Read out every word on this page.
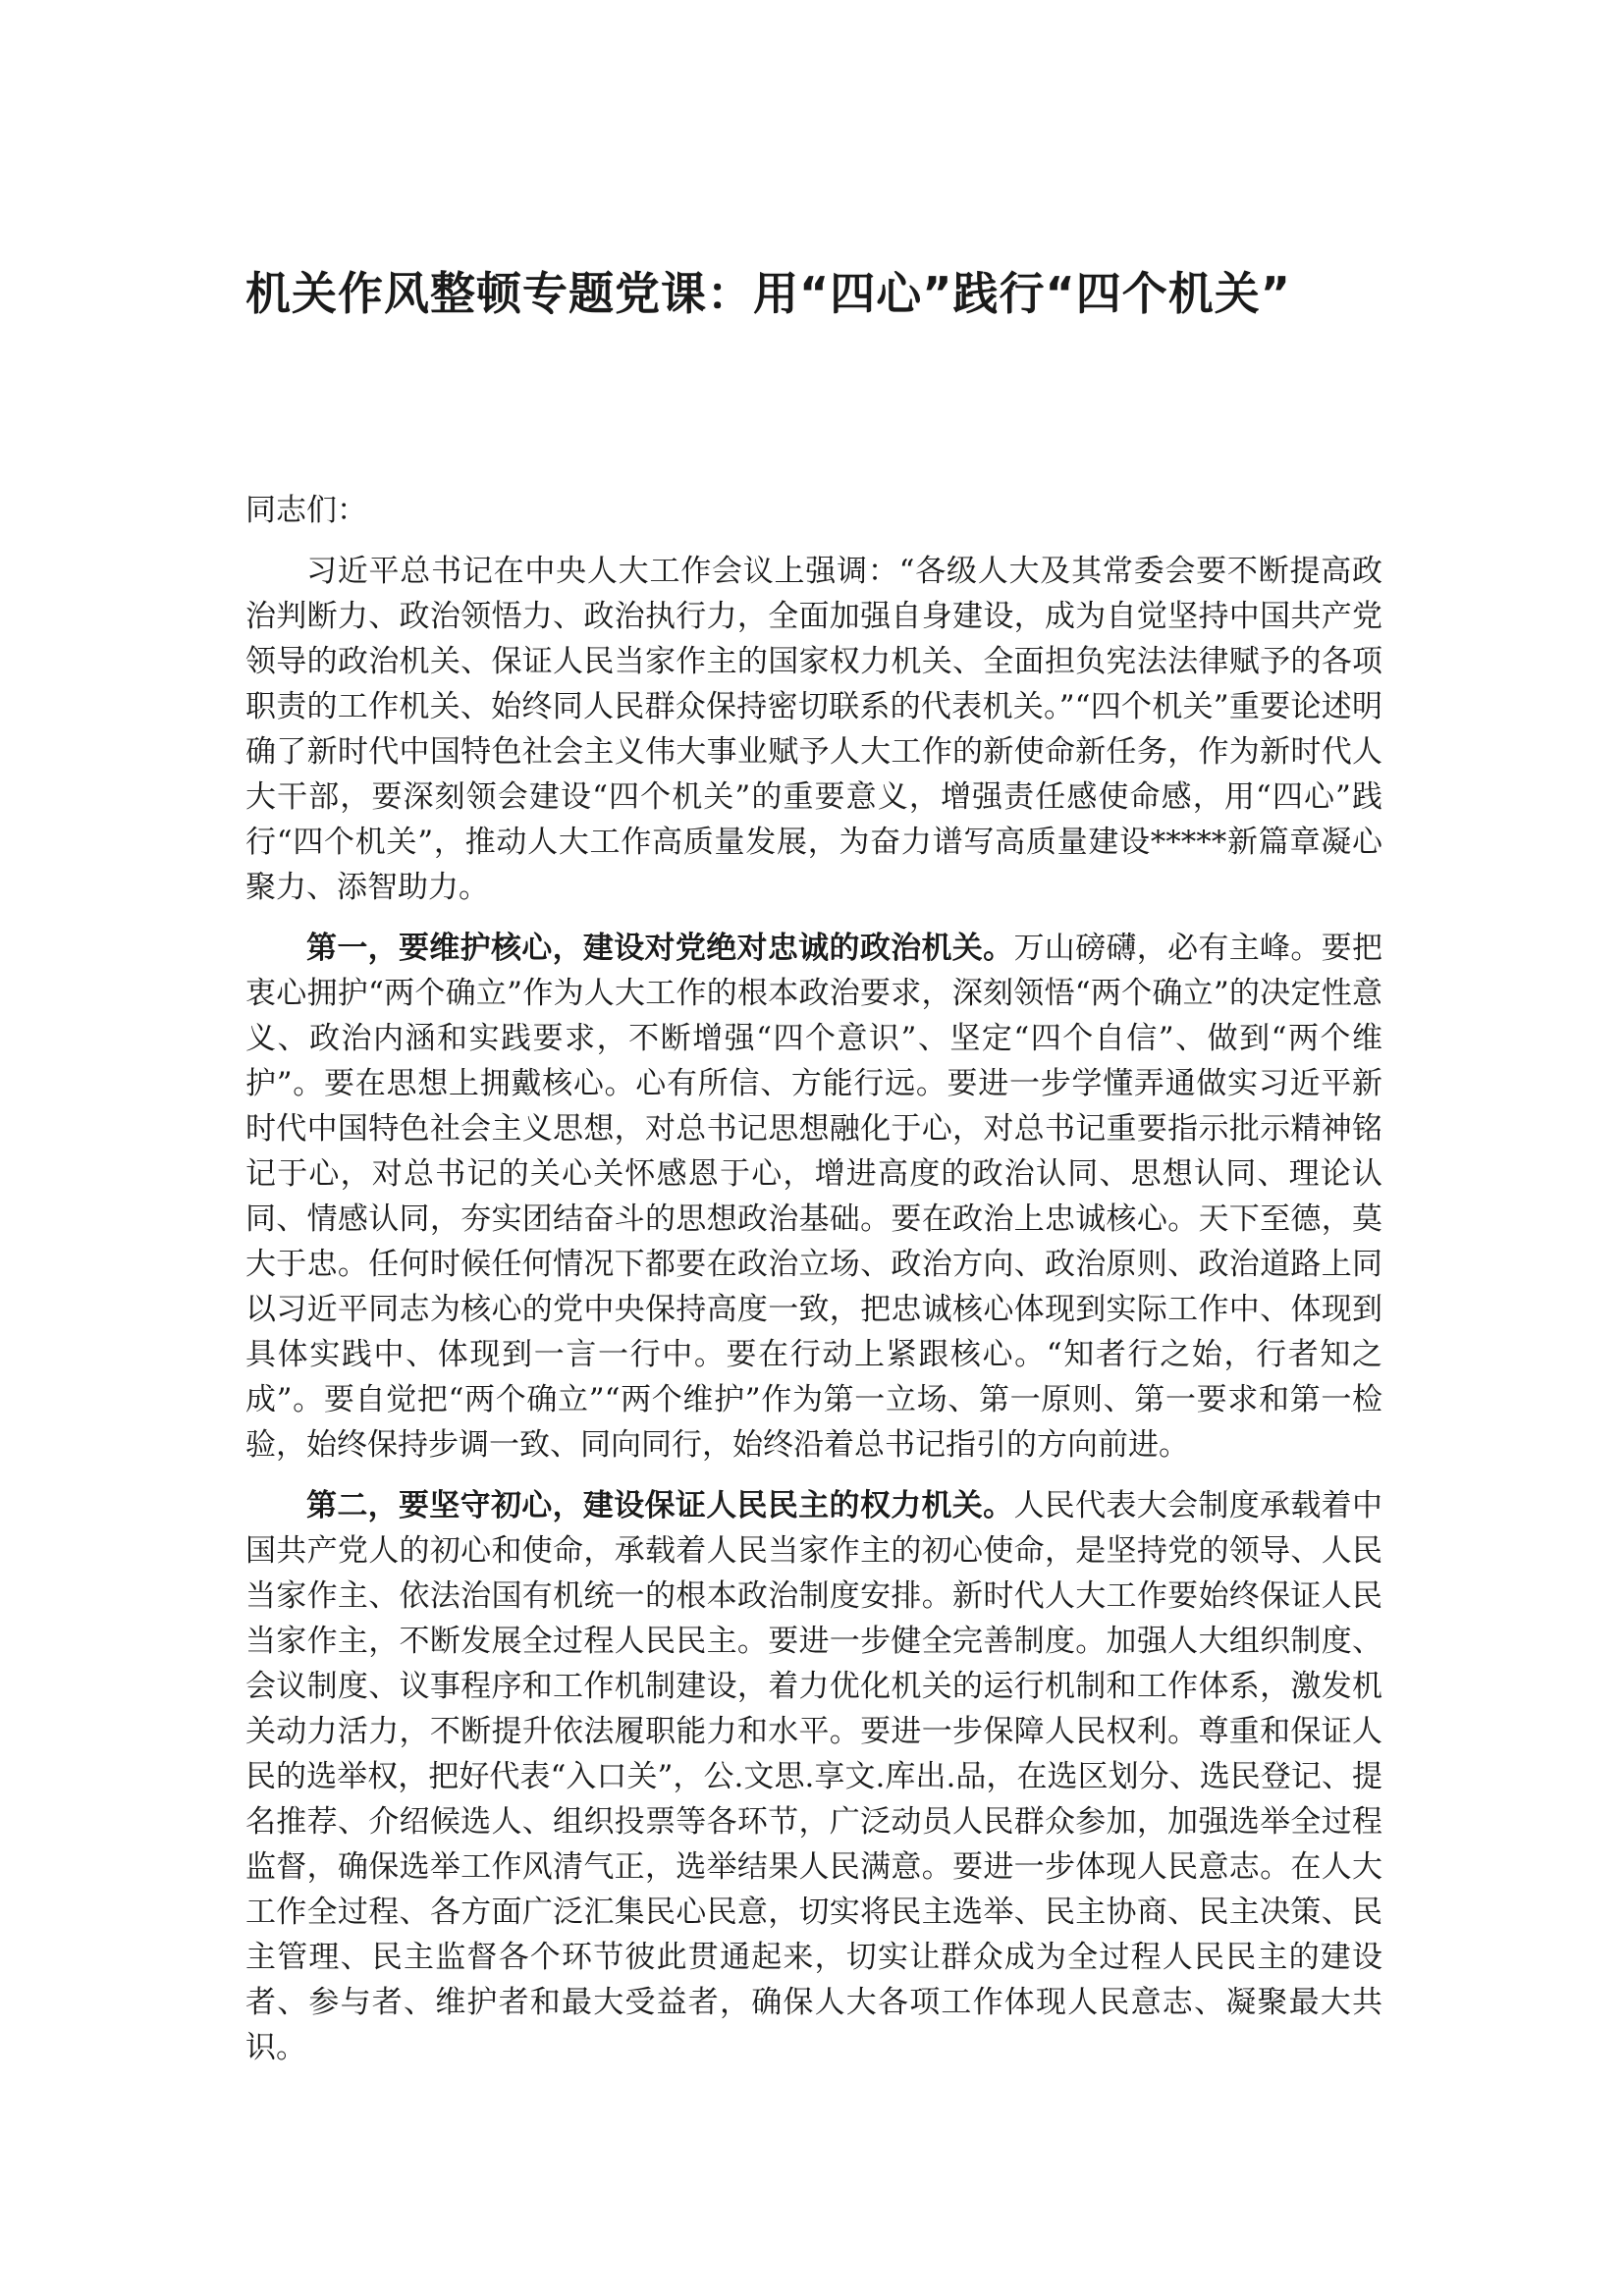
机关作风整顿专题党课：用“四心”践行“四个机关”

同志们：

习近平总书记在中央人大工作会议上强调：“各级人大及其常委会要不断提高政治判断力、政治领悟力、政治执行力，全面加强自身建设，成为自觉坚持中国共产党领导的政治机关、保证人民当家作主的国家权力机关、全面担负宪法法律赋予的各项职责的工作机关、始终同人民群众保持密切联系的代表机关。”“四个机关”重要论述明确了新时代中国特色社会主义伟大事业赋予人大工作的新使命新任务，作为新时代人大干部，要深刻领会建设“四个机关”的重要意义，增强责任感使命感，用“四心”践行“四个机关”，推动人大工作高质量发展，为奋力谱写高质量建设*****新篇章凝心聚力、添智助力。

第一，要维护核心，建设对党绝对忠诚的政治机关。万山磅礴，必有主峰。要把衷心拥护“两个确立”作为人大工作的根本政治要求，深刻领悟“两个确立”的决定性意义、政治内涵和实践要求，不断增强“四个意识”、坚定“四个自信”、做到“两个维护”。要在思想上拥戴核心。心有所信、方能行远。要进一步学懂弄通做实习近平新时代中国特色社会主义思想，对总书记思想融化于心，对总书记重要指示批示精神铭记于心，对总书记的关心关怀感恩于心，增进高度的政治认同、思想认同、理论认同、情感认同，夯实团结奋斗的思想政治基础。要在政治上忠诚核心。天下至德，莫大于忠。任何时候任何情况下都要在政治立场、政治方向、政治原则、政治道路上同以习近平同志为核心的党中央保持高度一致，把忠诚核心体现到实际工作中、体现到具体实践中、体现到一言一行中。要在行动上紧跟核心。“知者行之始，行者知之成”。要自觉把“两个确立”“两个维护”作为第一立场、第一原则、第一要求和第一检验，始终保持步调一致、同向同行，始终沿着总书记指引的方向前进。

第二，要坚守初心，建设保证人民民主的权力机关。人民代表大会制度承载着中国共产党人的初心和使命，承载着人民当家作主的初心使命，是坚持党的领导、人民当家作主、依法治国有机统一的根本政治制度安排。新时代人大工作要始终保证人民当家作主，不断发展全过程人民民主。要进一步健全完善制度。加强人大组织制度、会议制度、议事程序和工作机制建设，着力优化机关的运行机制和工作体系，激发机关动力活力，不断提升依法履职能力和水平。要进一步保障人民权利。尊重和保证人民的选举权，把好代表“入口关”，公.文思.享文.库出.品，在选区划分、选民登记、提名推荐、介绍候选人、组织投票等各环节，广泛动员人民群众参加，加强选举全过程监督，确保选举工作风清气正，选举结果人民满意。要进一步体现人民意志。在人大工作全过程、各方面广泛汇集民心民意，切实将民主选举、民主协商、民主决策、民主管理、民主监督各个环节彼此贯通起来，切实让群众成为全过程人民民主的建设者、参与者、维护者和最大受益者，确保人大各项工作体现人民意志、凝聚最大共识。
